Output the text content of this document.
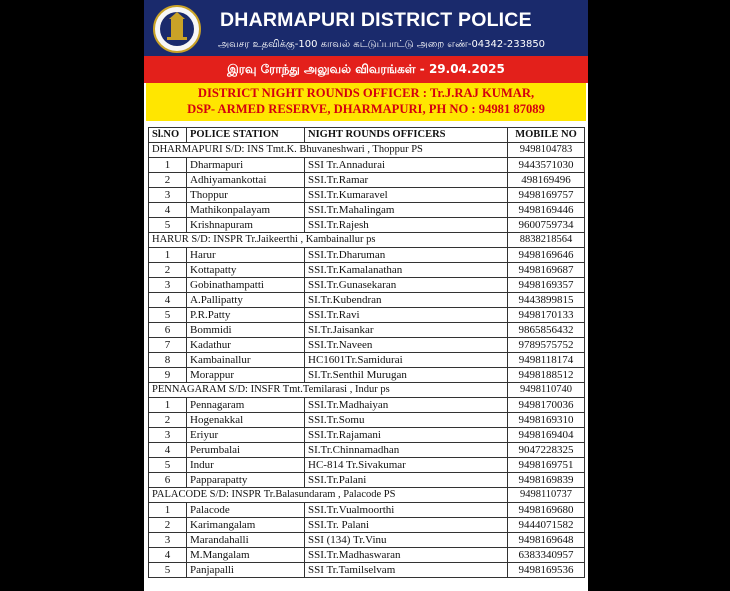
DHARMAPURI DISTRICT POLICE
அவசர உதவிக்கு-100 காவல் கட்டுப்பாட்டு அறை எண்-04342-233850
இரவு ரோந்து அலுவல் விவரங்கள் - 29.04.2025
DISTRICT NIGHT ROUNDS OFFICER : Tr.J.RAJ KUMAR,
DSP- ARMED RESERVE, DHARMAPURI, PH NO : 94981 87089
Sl.NO	POLICE STATION	NIGHT ROUNDS OFFICERS	MOBILE NO
DHARMAPURI S/D: INS Tmt.K. Bhuvaneshwari , Thoppur PS			9498104783
1	Dharmapuri	SSI Tr.Annadurai	9443571030
2	Adhiyamankottai	SSI.Tr.Ramar	498169496
3	Thoppur	SSI.Tr.Kumaravel	9498169757
4	Mathikonpalayam	SSI.Tr.Mahalingam	9498169446
5	Krishnapuram	SSI.Tr.Rajesh	9600759734
HARUR S/D: INSPR Tr.Jaikeerthi , Kambainallur ps			8838218564
1	Harur	SSI.Tr.Dharuman	9498169646
2	Kottapatty	SSI.Tr.Kamalanathan	9498169687
3	Gobinathampatti	SSI.Tr.Gunasekaran	9498169357
4	A.Pallipatty	SI.Tr.Kubendran	9443899815
5	P.R.Patty	SSI.Tr.Ravi	9498170133
6	Bommidi	SI.Tr.Jaisankar	9865856432
7	Kadathur	SSI.Tr.Naveen	9789575752
8	Kambainallur	HC1601Tr.Samidurai	9498118174
9	Morappur	SI.Tr.Senthil Murugan	9498188512
PENNAGARAM S/D: INSFR Tmt.Temilarasi , Indur ps			9498110740
1	Pennagaram	SSI.Tr.Madhaiyan	9498170036
2	Hogenakkal	SSI.Tr.Somu	9498169310
3	Eriyur	SSI.Tr.Rajamani	9498169404
4	Perumbalai	SI.Tr.Chinnamadhan	9047228325
5	Indur	HC-814 Tr.Sivakumar	9498169751
6	Papparapatty	SSI.Tr.Palani	9498169839
PALACODE S/D: INSPR Tr.Balasundaram , Palacode PS			9498110737
1	Palacode	SSI.Tr.Vualmoorthi	9498169680
2	Karimangalam	SSI.Tr. Palani	9444071582
3	Marandahalli	SSI (134) Tr.Vinu	9498169648
4	M.Mangalam	SSI.Tr.Madhaswaran	6383340957
5	Panjapalli	SSI Tr.Tamilselvam	9498169536
